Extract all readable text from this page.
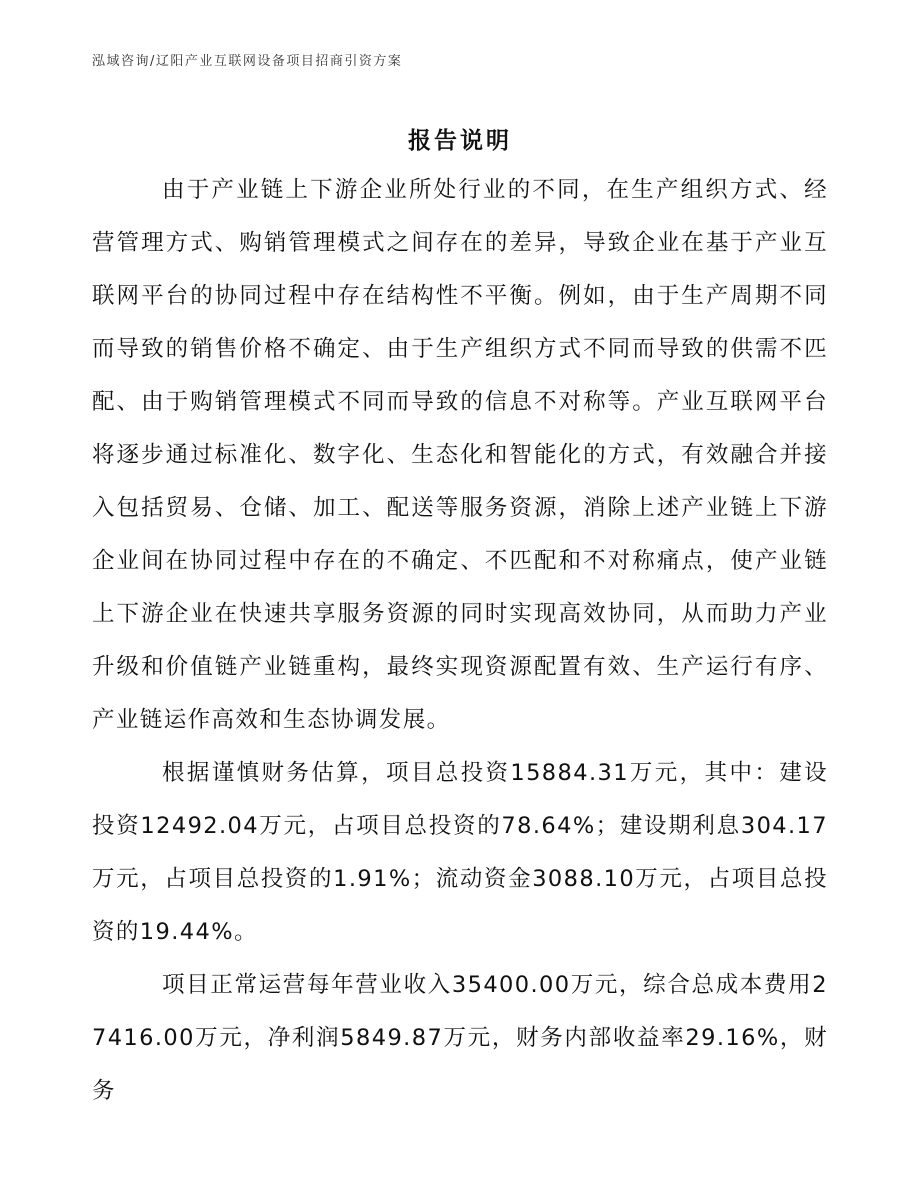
泓域咨询/辽阳产业互联网设备项目招商引资方案
报告说明

由于产业链上下游企业所处行业的不同，在生产组织方式、经营管理方式、购销管理模式之间存在的差异，导致企业在基于产业互联网平台的协同过程中存在结构性不平衡。例如，由于生产周期不同而导致的销售价格不确定、由于生产组织方式不同而导致的供需不匹配、由于购销管理模式不同而导致的信息不对称等。产业互联网平台将逐步通过标准化、数字化、生态化和智能化的方式，有效融合并接入包括贸易、仓储、加工、配送等服务资源，消除上述产业链上下游企业间在协同过程中存在的不确定、不匹配和不对称痛点，使产业链上下游企业在快速共享服务资源的同时实现高效协同，从而助力产业升级和价值链产业链重构，最终实现资源配置有效、生产运行有序、产业链运作高效和生态协调发展。

根据谨慎财务估算，项目总投资15884.31万元，其中：建设投资12492.04万元，占项目总投资的78.64%；建设期利息304.17万元，占项目总投资的1.91%；流动资金3088.10万元，占项目总投资的19.44%。

项目正常运营每年营业收入35400.00万元，综合总成本费用27416.00万元，净利润5849.87万元，财务内部收益率29.16%，财务
